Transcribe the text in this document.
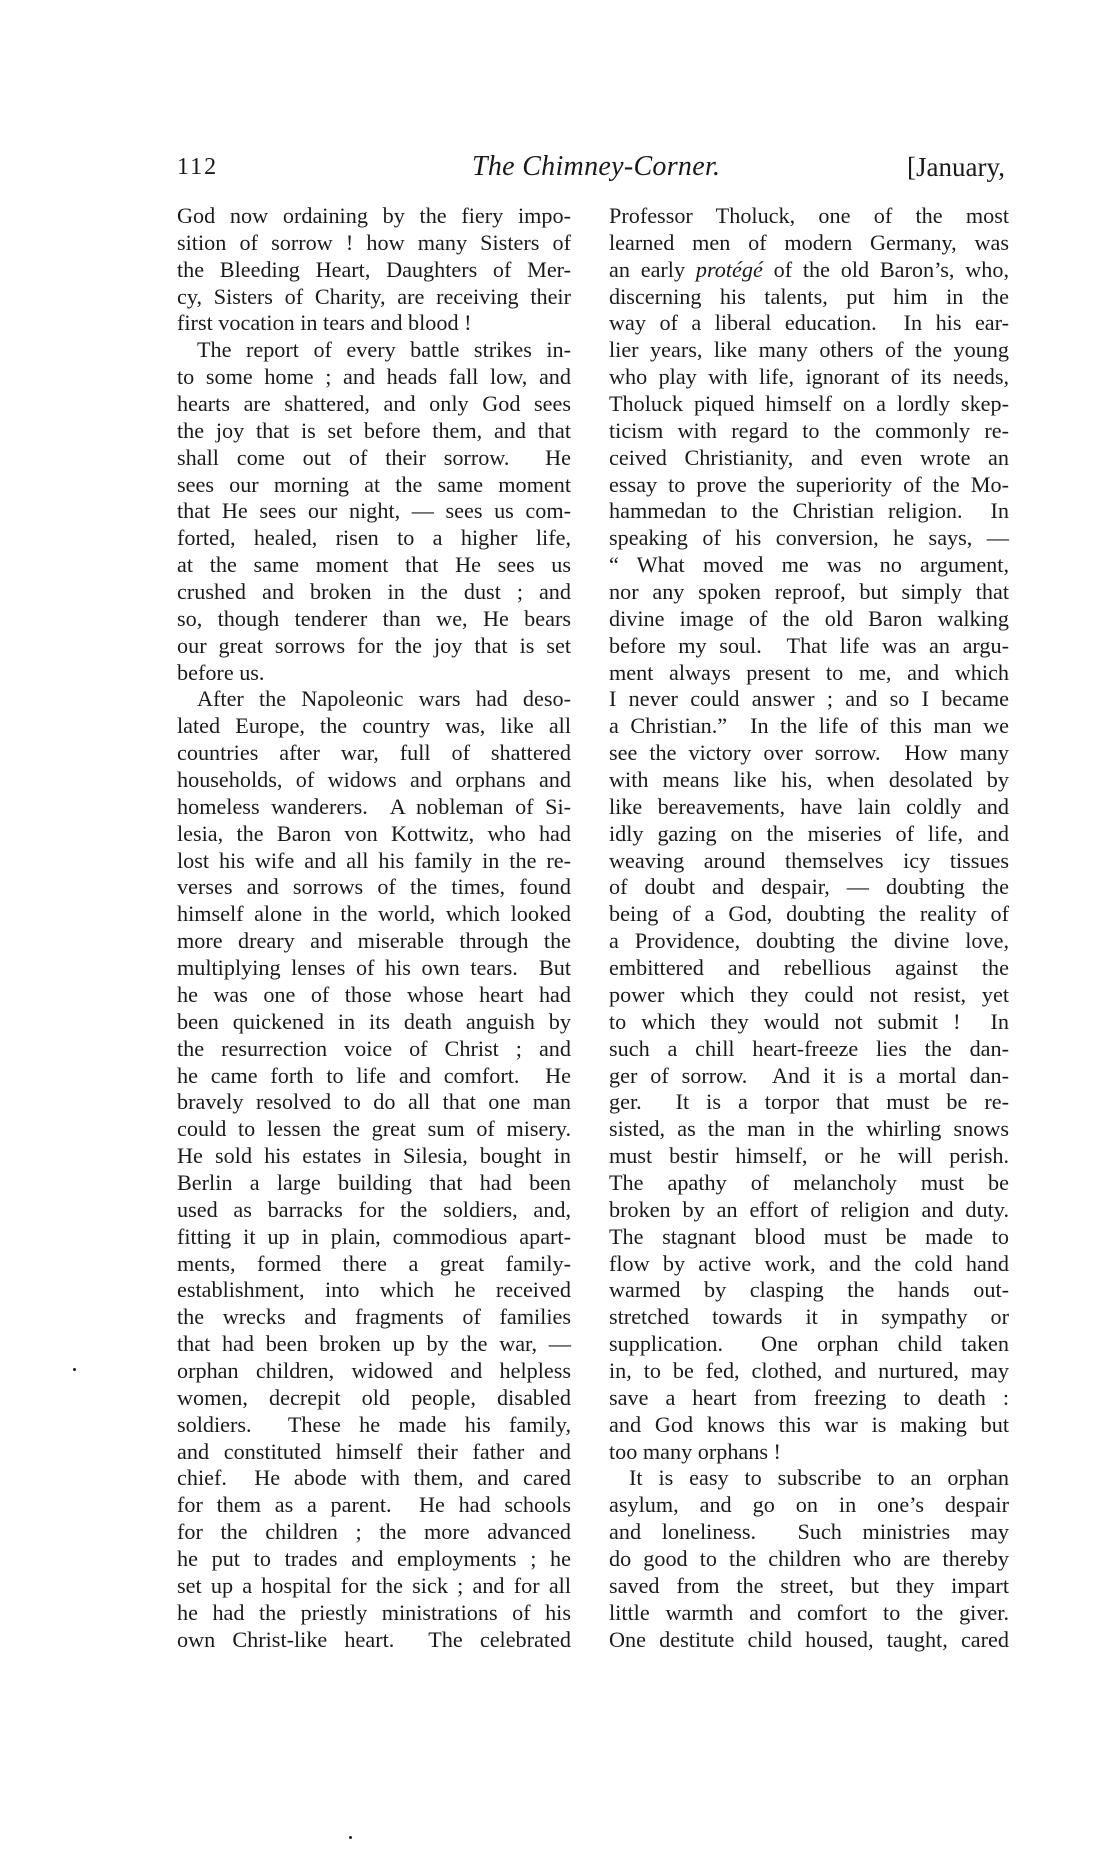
112	The Chimney-Corner.	[January,
God now ordaining by the fiery impo-
sition of sorrow ! how many Sisters of
the Bleeding Heart, Daughters of Mer-
cy, Sisters of Charity, are receiving their
first vocation in tears and blood !
The report of every battle strikes in-
to some home ; and heads fall low, and
hearts are shattered, and only God sees
the joy that is set before them, and that
shall come out of their sorrow.  He
sees our morning at the same moment
that He sees our night, — sees us com-
forted, healed, risen to a higher life,
at the same moment that He sees us
crushed and broken in the dust ; and
so, though tenderer than we, He bears
our great sorrows for the joy that is set
before us.
After the Napoleonic wars had deso-
lated Europe, the country was, like all
countries after war, full of shattered
households, of widows and orphans and
homeless wanderers.  A nobleman of Si-
lesia, the Baron von Kottwitz, who had
lost his wife and all his family in the re-
verses and sorrows of the times, found
himself alone in the world, which looked
more dreary and miserable through the
multiplying lenses of his own tears.  But
he was one of those whose heart had
been quickened in its death anguish by
the resurrection voice of Christ ; and
he came forth to life and comfort.  He
bravely resolved to do all that one man
could to lessen the great sum of misery.
He sold his estates in Silesia, bought in
Berlin a large building that had been
used as barracks for the soldiers, and,
fitting it up in plain, commodious apart-
ments, formed there a great family-
establishment, into which he received
the wrecks and fragments of families
that had been broken up by the war, —
orphan children, widowed and helpless
women, decrepit old people, disabled
soldiers.  These he made his family,
and constituted himself their father and
chief.  He abode with them, and cared
for them as a parent.  He had schools
for the children ; the more advanced
he put to trades and employments ; he
set up a hospital for the sick ; and for all
he had the priestly ministrations of his
own Christ-like heart.  The celebrated
Professor Tholuck, one of the most
learned men of modern Germany, was
an early protégé of the old Baron’s, who,
discerning his talents, put him in the
way of a liberal education.  In his ear-
lier years, like many others of the young
who play with life, ignorant of its needs,
Tholuck piqued himself on a lordly skep-
ticism with regard to the commonly re-
ceived Christianity, and even wrote an
essay to prove the superiority of the Mo-
hammedan to the Christian religion.  In
speaking of his conversion, he says, —
“ What moved me was no argument,
nor any spoken reproof, but simply that
divine image of the old Baron walking
before my soul.  That life was an argu-
ment always present to me, and which
I never could answer ; and so I became
a Christian.”  In the life of this man we
see the victory over sorrow.  How many
with means like his, when desolated by
like bereavements, have lain coldly and
idly gazing on the miseries of life, and
weaving around themselves icy tissues
of doubt and despair, — doubting the
being of a God, doubting the reality of
a Providence, doubting the divine love,
embittered and rebellious against the
power which they could not resist, yet
to which they would not submit !  In
such a chill heart-freeze lies the dan-
ger of sorrow.  And it is a mortal dan-
ger.  It is a torpor that must be re-
sisted, as the man in the whirling snows
must bestir himself, or he will perish.
The apathy of melancholy must be
broken by an effort of religion and duty.
The stagnant blood must be made to
flow by active work, and the cold hand
warmed by clasping the hands out-
stretched towards it in sympathy or
supplication.  One orphan child taken
in, to be fed, clothed, and nurtured, may
save a heart from freezing to death :
and God knows this war is making but
too many orphans !
It is easy to subscribe to an orphan
asylum, and go on in one’s despair
and loneliness.  Such ministries may
do good to the children who are thereby
saved from the street, but they impart
little warmth and comfort to the giver.
One destitute child housed, taught, cared
